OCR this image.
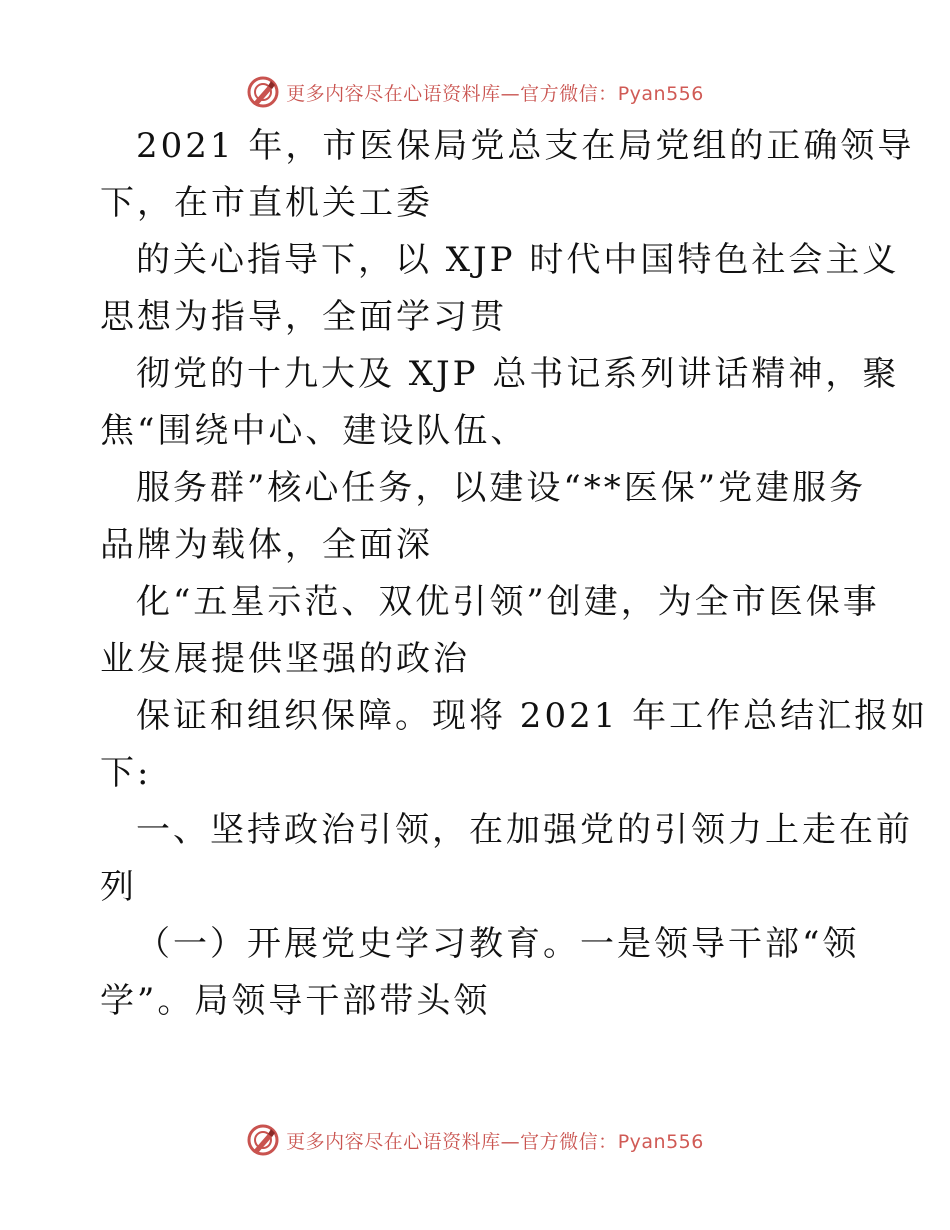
更多内容尽在心语资料库—官方微信：Pyan556

2021 年，市医保局党总支在局党组的正确领导
下，在市直机关工委

的关心指导下，以 XJP 时代中国特色社会主义
思想为指导，全面学习贯

彻党的十九大及 XJP 总书记系列讲话精神，聚
焦“围绕中心、建设队伍、

服务群”核心任务，以建设“**医保”党建服务
品牌为载体，全面深

化“五星示范、双优引领”创建，为全市医保事
业发展提供坚强的政治

保证和组织保障。现将 2021 年工作总结汇报如
下:

一、坚持政治引领，在加强党的引领力上走在前
列

（一）开展党史学习教育。一是领导干部“领
学”。局领导干部带头领

更多内容尽在心语资料库—官方微信：Pyan556
